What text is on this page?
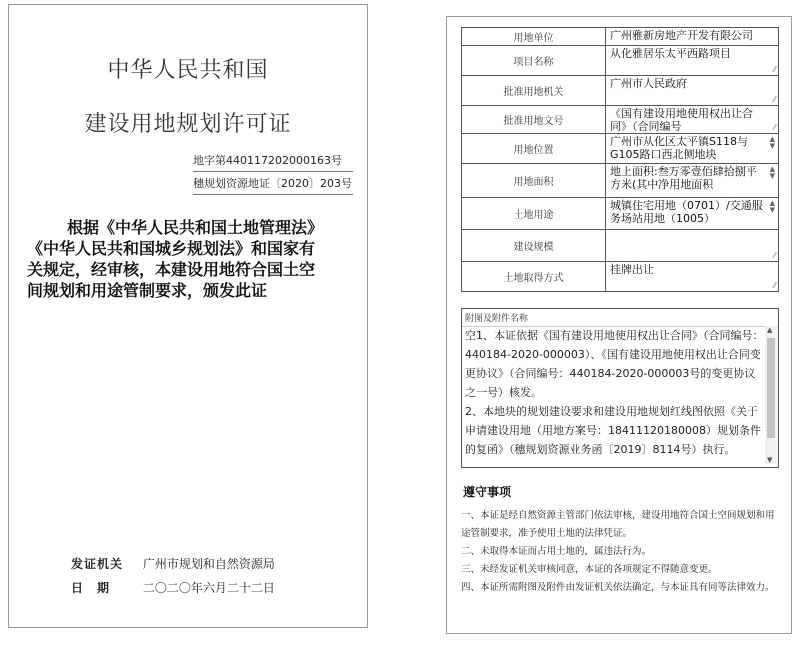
中华人民共和国
建设用地规划许可证
地字第440117202000163号
穗规划资源地证〔2020〕203号
根据《中华人民共和国土地管理法》
《中华人民共和国城乡规划法》和国家有
关规定，经审核，本建设用地符合国土空
间规划和用途管制要求，颁发此证
发证机关 广州市规划和自然资源局
日　期	二〇二〇年六月二十二日
用地单位	广州雅新房地产开发有限公司

项目名称	从化雅居乐太平西路项目
⁄⁄

批准用地机关	广州市人民政府
⁄⁄

批准用地文号	《国有建设用地使用权出让合同》（合同编号 ⁄⁄

用地位置	广州市从化区太平镇S118与G105路口西北侧地块
▲
▼

用地面积	地上面积:叁万零壹佰肆拾捌平方米(其中净用地面积
▲
▼

土地用途	城镇住宅用地（0701）/交通服务场站用地（1005）
▲
▼

建设规模	⁄⁄

土地取得方式	挂牌出让
⁄⁄
附图及附件名称

空1、本证依据《国有建设用地使用权出让合同》（合同编号：440184-2020-000003）、《国有建设用地使用权出让合同变更协议》（合同编号：440184-2020-000003号的变更协议之一号）核发。

2、本地块的规划建设要求和建设用地规划红线图依照《关于申请建设用地（用地方案号：18411120180008）规划条件的复函》（穗规划资源业务函〔2019〕8114号）执行。

▲
▼
遵守事项

一、本证是经自然资源主管部门依法审核，建设用地符合国土空间规划和用途管制要求，准予使用土地的法律凭证。

二、未取得本证而占用土地的，属违法行为。

三、未经发证机关审核同意，本证的各项规定不得随意变更。

四、本证所需附图及附件由发证机关依法确定，与本证具有同等法律效力。
